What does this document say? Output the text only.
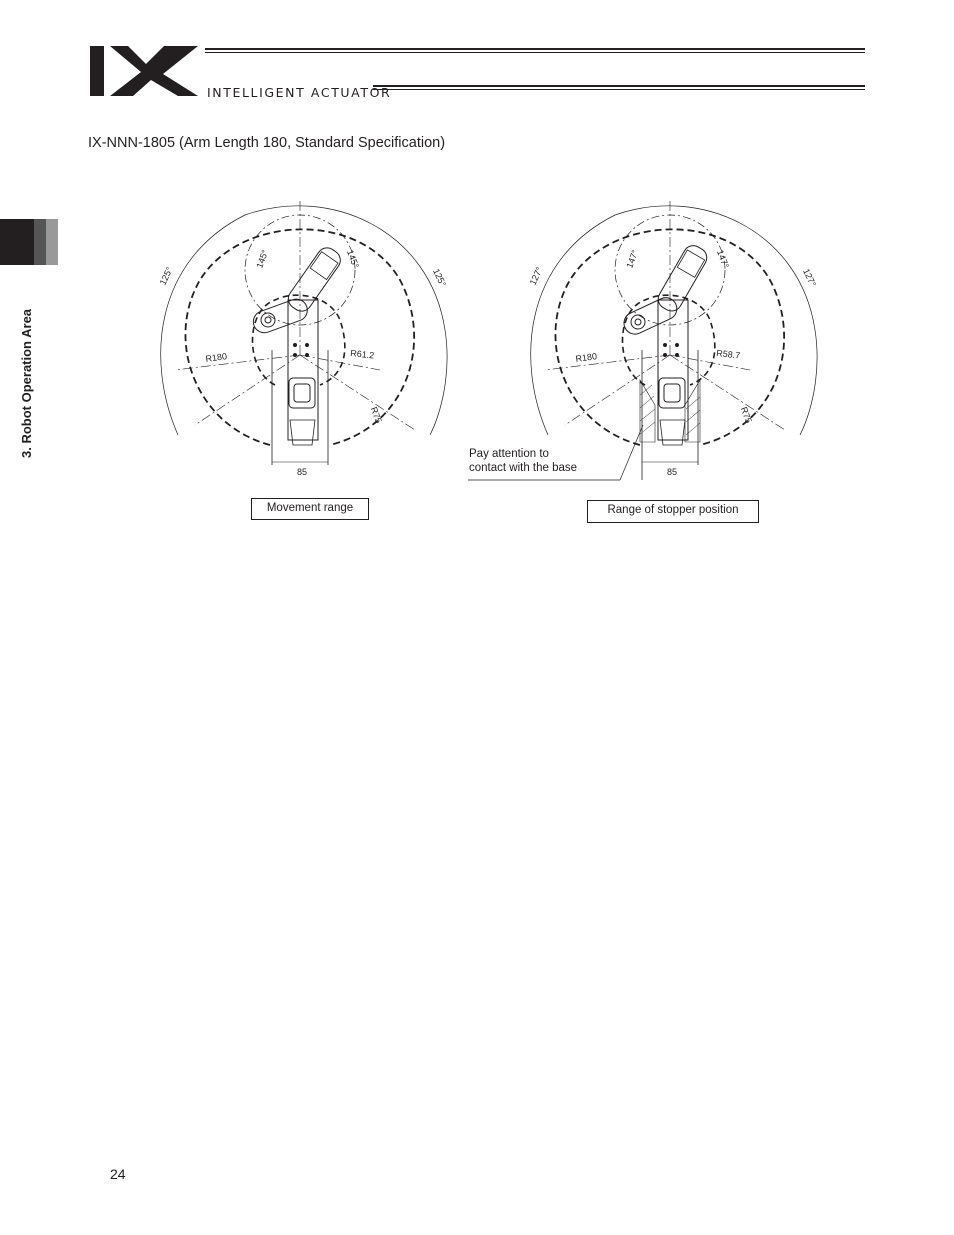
INTELLIGENT ACTUATOR
3. Robot Operation Area
IX-NNN-1805 (Arm Length 180, Standard Specification)
125°	125°
145°	145°
R180	R61.2
R75
85
127°	127°
147°	147°
R180	R58.7
R75
85
Pay attention to
contact with the base
Movement range	Range of stopper position
24
